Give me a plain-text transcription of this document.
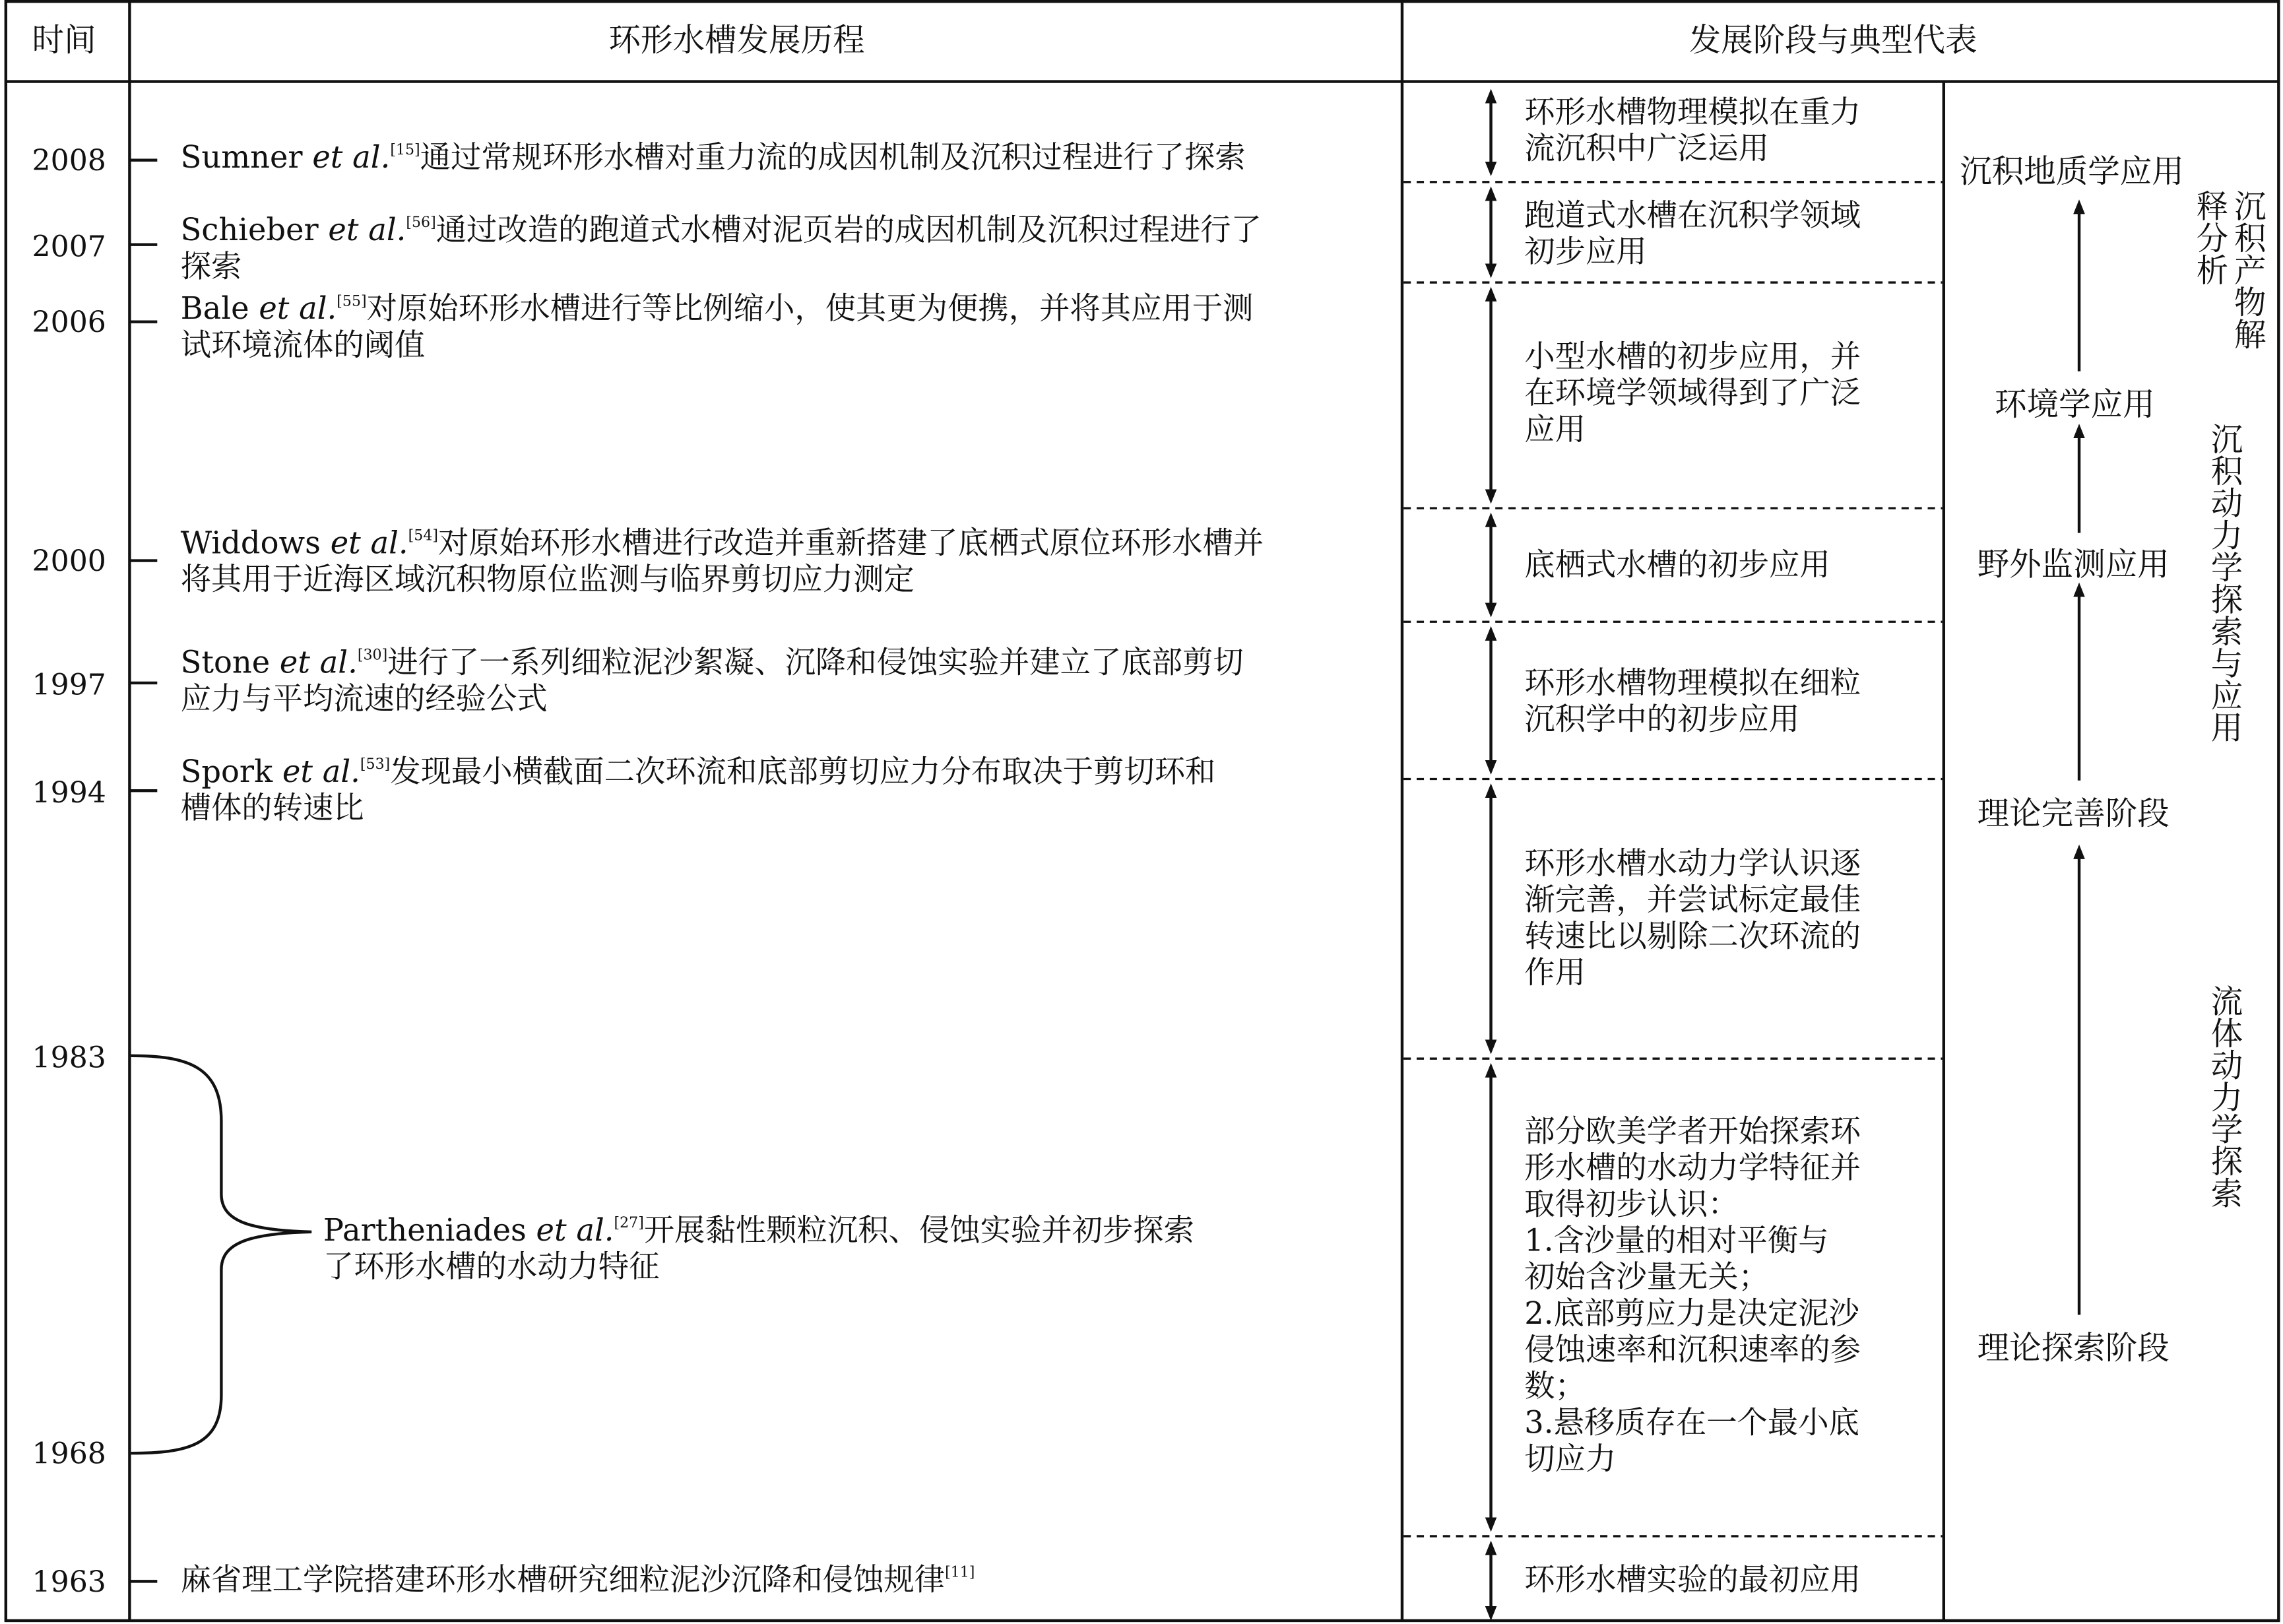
时间	环形水槽发展历程	发展阶段与典型代表
2008
2007
2006
2000
1997
1994
1983
1968
1963
Sumner et al.[15]通过常规环形水槽对重力流的成因机制及沉积过程进行了探索
Schieber et al.[56]通过改造的跑道式水槽对泥页岩的成因机制及沉积过程进行了
探索
Bale et al.[55]对原始环形水槽进行等比例缩小，使其更为便携，并将其应用于测
试环境流体的阈值
Widdows et al.[54]对原始环形水槽进行改造并重新搭建了底栖式原位环形水槽并
将其用于近海区域沉积物原位监测与临界剪切应力测定
Stone et al.[30]进行了一系列细粒泥沙絮凝、沉降和侵蚀实验并建立了底部剪切
应力与平均流速的经验公式
Spork et al.[53]发现最小横截面二次环流和底部剪切应力分布取决于剪切环和
槽体的转速比
Partheniades et al.[27]开展黏性颗粒沉积、侵蚀实验并初步探索
了环形水槽的水动力特征
麻省理工学院搭建环形水槽研究细粒泥沙沉降和侵蚀规律[11]
环形水槽物理模拟在重力
流沉积中广泛运用
跑道式水槽在沉积学领域
初步应用
小型水槽的初步应用，并
在环境学领域得到了广泛
应用
底栖式水槽的初步应用
环形水槽物理模拟在细粒
沉积学中的初步应用
环形水槽水动力学认识逐
渐完善，并尝试标定最佳
转速比以剔除二次环流的
作用
部分欧美学者开始探索环
形水槽的水动力学特征并
取得初步认识：
1.含沙量的相对平衡与
初始含沙量无关；
2.底部剪应力是决定泥沙
侵蚀速率和沉积速率的参
数；
3.悬移质存在一个最小底
切应力
环形水槽实验的最初应用
沉积地质学应用
环境学应用
野外监测应用
理论完善阶段
理论探索阶段
沉积产物解释分析
沉积动力学探索与应用
流体动力学探索
